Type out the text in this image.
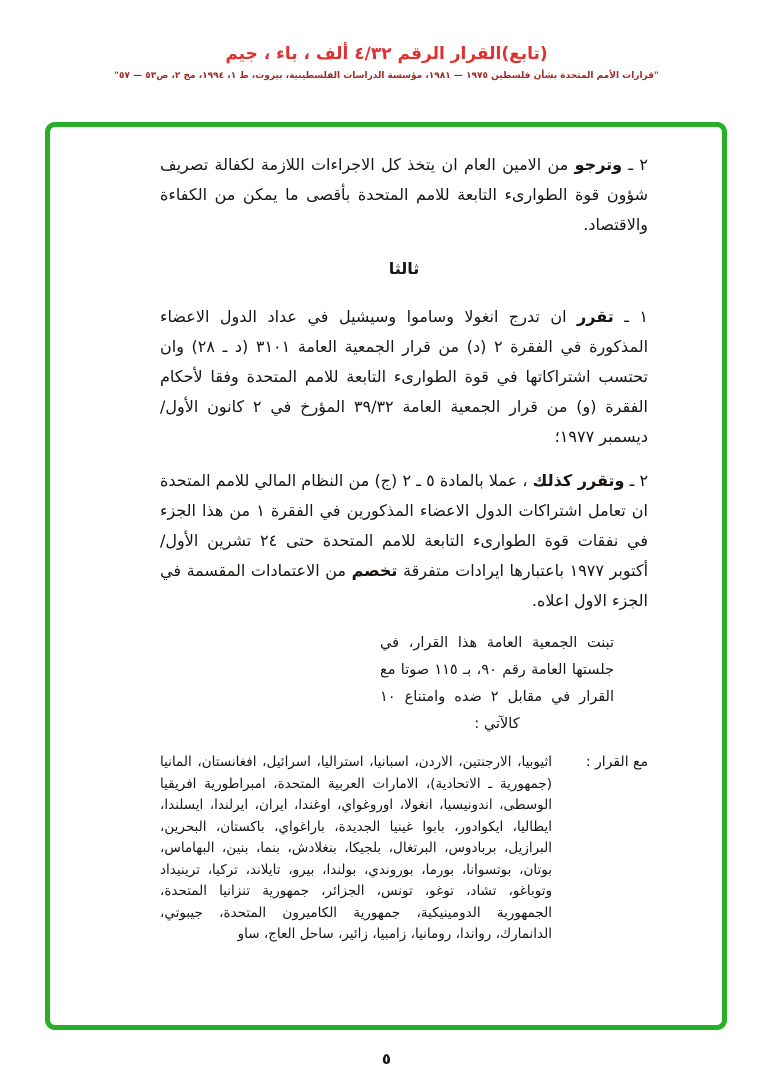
(تابع)القرار الرقم ٤/٣٢ ألف ، باء ، جيم
"قرارات الأمم المتحدة بشأن فلسطين ١٩٧٥ — ١٩٨١، مؤسسة الدراسات الفلسطينية، بيروت، ط ١، ١٩٩٤، مج ٢، ص٥٣ — ٥٧"

٢ ـ وترجو من الامين العام ان يتخذ كل الاجراءات اللازمة لكفالة تصريف شؤون قوة الطوارىء التابعة للامم المتحدة بأقصى ما يمكن من الكفاءة والاقتصاد.

ثالثا

١ ـ تقرر ان تدرج انغولا وساموا وسيشيل في عداد الدول الاعضاء المذكورة في الفقرة ٢ (د) من قرار الجمعية العامة ٣١٠١ (د ـ ٢٨) وان تحتسب اشتراكاتها في قوة الطوارىء التابعة للامم المتحدة وفقا لأحكام الفقرة (و) من قرار الجمعية العامة ٣٩/٣٢ المؤرخ في ٢ كانون الأول/ديسمبر ١٩٧٧؛

٢ ـ وتقرر كذلك ، عملا بالمادة ٥ ـ ٢ (ج) من النظام المالي للامم المتحدة ان تعامل اشتراكات الدول الاعضاء المذكورين في الفقرة ١ من هذا الجزء في نفقات قوة الطوارىء التابعة للامم المتحدة حتى ٢٤ تشرين الأول/أكتوبر ١٩٧٧ باعتبارها ايرادات متفرقة تخصم من الاعتمادات المقسمة في الجزء الاول اعلاه.

تبنت الجمعية العامة هذا القرار، في جلستها العامة رقم ٩٠، بـ ١١٥ صوتا مع القرار في مقابل ٢ ضده وامتناع ١٠ كالآتي :
مع القرار :
اثيوبيا، الارجنتين، الاردن، اسبانيا، استراليا، اسرائيل، افغانستان، المانيا (جمهورية ـ الاتحادية)، الامارات العربية المتحدة، امبراطورية افريقيا الوسطى، اندونيسيا، انغولا، اوروغواي، اوغندا، ايران، ايرلندا، ايسلندا، ايطاليا، ايكوادور، بابوا غينيا الجديدة، باراغواي، باكستان، البحرين، البرازيل، بربادوس، البرتغال، بلجيكا، بنغلادش، بنما، بنين، البهاماس، بوتان، بوتسوانا، بورما، بوروندي، بولندا، بيرو، تايلاند، تركيا، ترينيداد وتوباغو، تشاد، توغو، تونس، الجزائر، جمهورية تنزانيا المتحدة، الجمهورية الدومينيكية، جمهورية الكاميرون المتحدة، جيبوتي، الدانمارك، رواندا، رومانيا، زامبيا، زائير، ساحل العاج، ساو
٥
